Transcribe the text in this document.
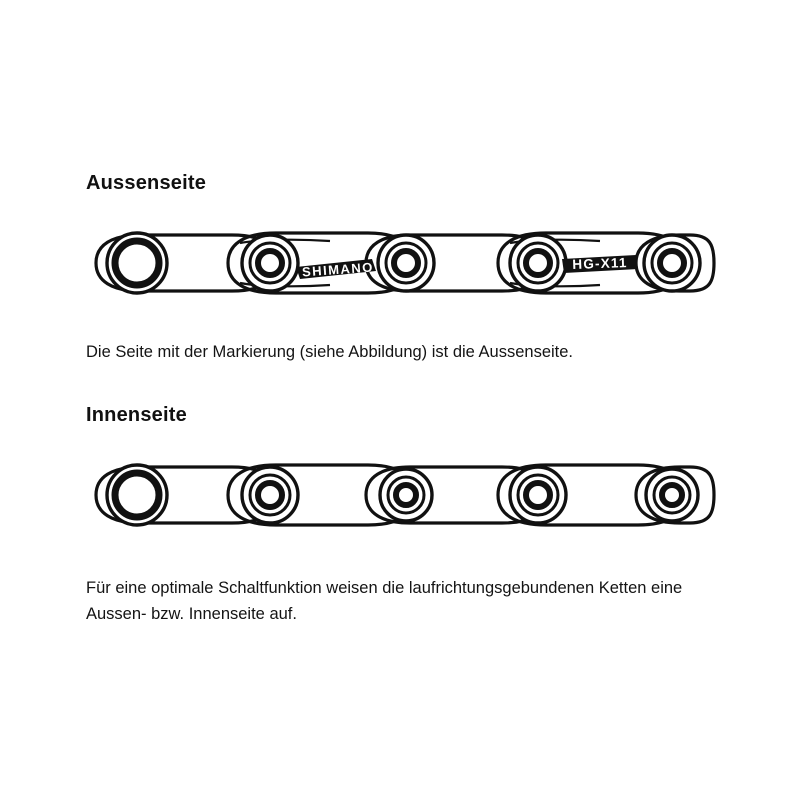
Aussenseite
SHIMANO	HG-X11
Die Seite mit der Markierung (siehe Abbildung) ist die Aussenseite.
Innenseite
Für eine optimale Schaltfunktion weisen die laufrichtungsgebundenen Ketten eine Aussen- bzw. Innenseite auf.
